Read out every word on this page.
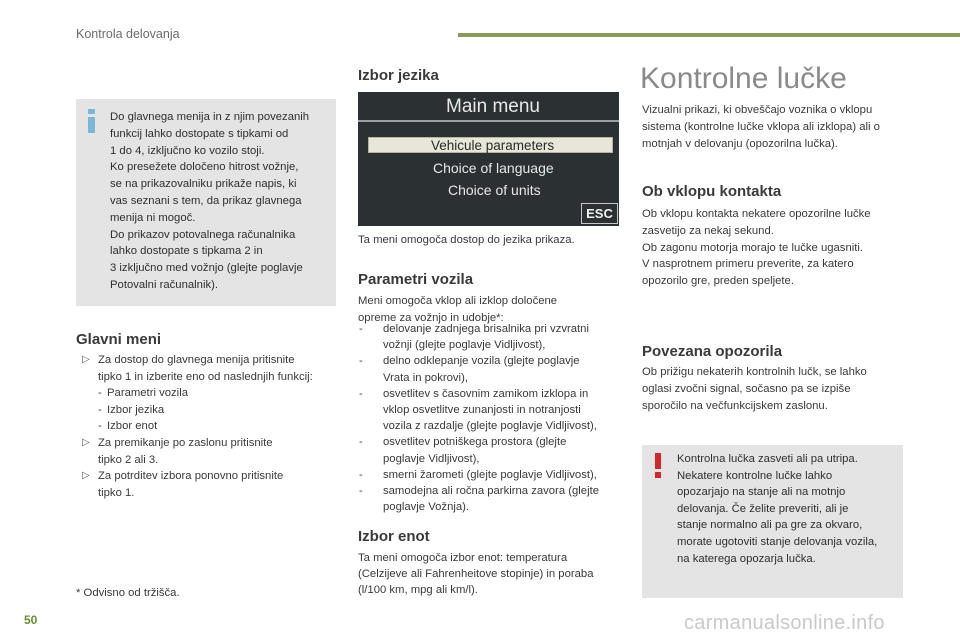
Kontrola delovanja
Do glavnega menija in z njim povezanih
funkcij lahko dostopate s tipkami od
1 do 4, izključno ko vozilo stoji.
Ko presežete določeno hitrost vožnje,
se na prikazovalniku prikaže napis, ki
vas seznani s tem, da prikaz glavnega
menija ni mogoč.
Do prikazov potovalnega računalnika
lahko dostopate s tipkama 2 in
3 izključno med vožnjo (glejte poglavje
Potovalni računalnik).
Glavni meni
▷ Za dostop do glavnega menija pritisnite
tipko 1 in izberite eno od naslednjih funkcij:
- Parametri vozila
- Izbor jezika
- Izbor enot
▷ Za premikanje po zaslonu pritisnite
tipko 2 ali 3.
▷ Za potrditev izbora ponovno pritisnite
tipko 1.
* Odvisno od tržišča.
50
Izbor jezika
Main menu
Vehicule parameters
Choice of language
Choice of units
ESC
Ta meni omogoča dostop do jezika prikaza.
Parametri vozila
Meni omogoča vklop ali izklop določene
opreme za vožnjo in udobje*:
- delovanje zadnjega brisalnika pri vzvratni
vožnji (glejte poglavje Vidljivost),
- delno odklepanje vozila (glejte poglavje
Vrata in pokrovi),
- osvetlitev s časovnim zamikom izklopa in
vklop osvetlitve zunanjosti in notranjosti
vozila z razdalje (glejte poglavje Vidljivost),
- osvetlitev potniškega prostora (glejte
poglavje Vidljivost),
- smerni žarometi (glejte poglavje Vidljivost),
- samodejna ali ročna parkirna zavora (glejte
poglavje Vožnja).
Izbor enot
Ta meni omogoča izbor enot: temperatura
(Celzijeve ali Fahrenheitove stopinje) in poraba
(l/100 km, mpg ali km/l).
Kontrolne lučke
Vizualni prikazi, ki obveščajo voznika o vklopu
sistema (kontrolne lučke vklopa ali izklopa) ali o
motnjah v delovanju (opozorilna lučka).
Ob vklopu kontakta
Ob vklopu kontakta nekatere opozorilne lučke
zasvetijo za nekaj sekund.
Ob zagonu motorja morajo te lučke ugasniti.
V nasprotnem primeru preverite, za katero
opozorilo gre, preden speljete.
Povezana opozorila
Ob prižigu nekaterih kontrolnih lučk, se lahko
oglasi zvočni signal, sočasno pa se izpiše
sporočilo na večfunkcijskem zaslonu.
Kontrolna lučka zasveti ali pa utripa.
Nekatere kontrolne lučke lahko
opozarjajo na stanje ali na motnjo
delovanja. Če želite preveriti, ali je
stanje normalno ali pa gre za okvaro,
morate ugotoviti stanje delovanja vozila,
na katerega opozarja lučka.
carmanualsonline.info
